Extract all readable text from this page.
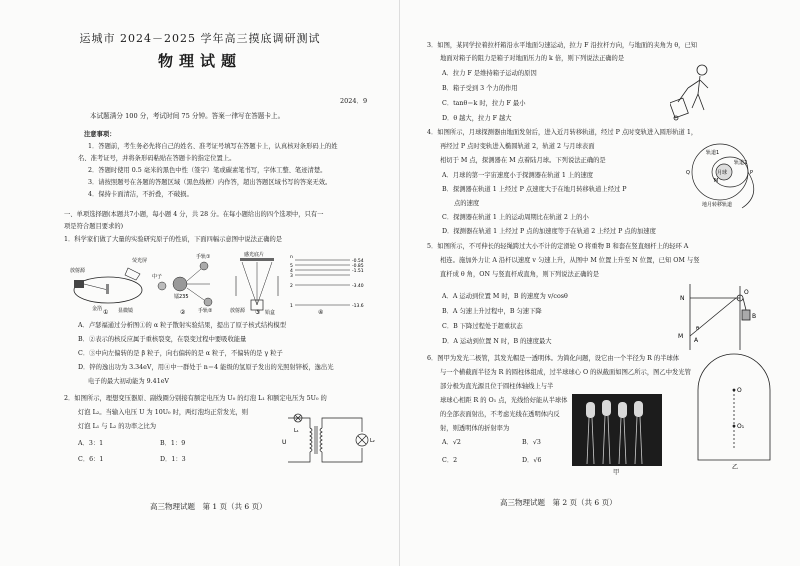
运城市 2024－2025 学年高三摸底调研测试
物理试题
2024．9
本试题满分 100 分，考试时间 75 分钟。答案一律写在答题卡上。
注意事项：
1．答题前，考生务必先将自己的姓名、准考证号填写在答题卡上，认真核对条形码上的姓
名、准考证号，并将条形码粘贴在答题卡的指定位置上。
2．答题时使用 0.5 毫米的黑色中性（签字）笔或碳素笔书写，字体工整、笔迹清楚。
3．请按照题号在各题的答题区域（黑色线框）内作答，超出答题区域书写的答案无效。
4．保持卡面清洁，不折叠，不破损。
一、单项选择题(本题共7小题，每小题 4 分，共 28 分。在每小题给出的四个选项中，只有一
项是符合题目要求的)
1．科学家们做了大量的实验研究原子的性质，下面四幅示意图中说法正确的是
放射源
荧光屏
金箔	显微镜
①
手轨①
镭235
中子
手轨②
②
感光底片
放射源	铅盒
③
n
5
4
3
2
1
-0.54
-0.85
-1.51
-3.40
-13.6
④
A．卢瑟福通过分析图①的 α 粒子散射实验结果，提出了原子核式结构模型
B．②表示的核反应属于重核裂变，在裂变过程中要吸收能量
C．③中向左偏转的是 β 粒子，向右偏转的是 α 粒子，不偏转的是 γ 粒子
D．锌的逸出功为 3.34eV，用④中一群处于 n＝4 能级的氢原子发出的光照射锌板，逸出光
电子的最大初动能为 9.41eV
2．如图所示，理想变压器原、副线圈分别接有额定电压为 U₀ 的灯泡 L₁ 和额定电压为 5U₀ 的
灯泡 L₂。当输入电压 U 为 10U₀ 时，两灯泡均正常发光，则
灯泡 L₁ 与 L₂ 的功率之比为
A．3：1	B．1：9
C．6：1	D．1：3
U
L₁
L₂
高三物理试题　第 1 页（共 6 页）
3．如图，某同学拉着拉杆箱沿水平地面匀速运动，拉力 F 沿拉杆方向，与地面的夹角为 θ，已知
地面对箱子的阻力是箱子对地面压力的 k 倍，则下列说法正确的是
A．拉力 F 是维持箱子运动的原因
B．箱子受到 3 个力的作用
C．tanθ＝k 时，拉力 F 最小
D．θ 越大，拉力 F 越大
4．如图所示，月球探测器由地面发射后，进入近月转移轨道，经过 P 点时变轨进入圆形轨道 1，
再经过 P 点时变轨进入椭圆轨道 2，轨道 2 与月球表面
相切于 M 点，探测器在 M 点着陆月球。下列说法正确的是
A．月球的第一宇宙速度小于探测器在轨道 1 上的速度
B．探测器在轨道 1 上经过 P 点速度大于在地月转移轨道上经过 P
点的速度
C．探测器在轨道 1 上的运动周期比在轨道 2 上的小
D．探测器在轨道 1 上经过 P 点的加速度等于在轨道 2 上经过 P 点的加速度
轨道1
轨道2
月球
Q	P
M
地月转移轨道
5．如图所示，不可伸长的轻绳跨过大小不计的定滑轮 O 将重物 B 和套在竖直细杆上的轻环 A
相连。施加外力让 A 沿杆以速度 v 匀速上升，从图中 M 位置上升至 N 位置，已知 OM 与竖
直杆成 θ 角，ON 与竖直杆成直角，则下列说法正确的是
A．A 运动到位置 M 时，B 的速度为 v/cosθ
B．A 匀速上升过程中，B 匀速下降
C．B 下降过程处于超重状态
D．A 运动到位置 N 时，B 的速度最大
N
M
A
O
B
θ
6．图甲为发光二极管，其发光帽是一透明体。为简化问题，设它由一个半径为 R 的半球体
与一个横截面半径为 R 的圆柱体组成，过半球球心 O 的纵截面如图乙所示，图乙中发光管
部分极为直光源且位于圆柱体轴线上与半
球球心相距 R 的 O₁ 点，光线恰好能从半球体
的全部表面射出，不考虑光线在透明体内反
射，则透明体的折射率为
A．√2	B．√3
C．2	D．√6
甲
O
O₁
乙
高三物理试题　第 2 页（共 6 页）
